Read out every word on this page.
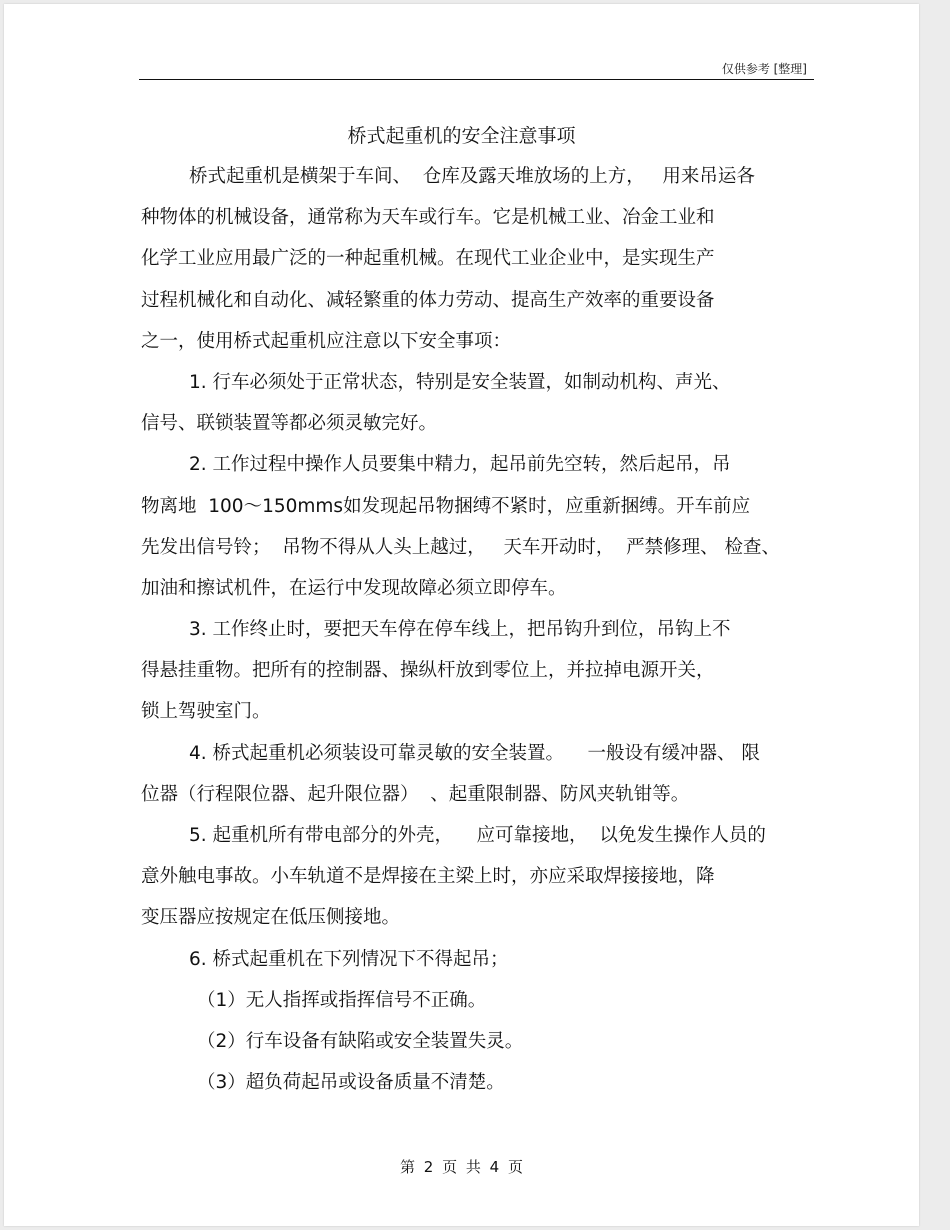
仅供参考 [整理]
桥式起重机的安全注意事项
桥式起重机是横架于车间、  仓库及露天堆放场的上方，   用来吊运各
种物体的机械设备，通常称为天车或行车。它是机械工业、冶金工业和
化学工业应用最广泛的一种起重机械。在现代工业企业中，是实现生产
过程机械化和自动化、减轻繁重的体力劳动、提高生产效率的重要设备
之一，使用桥式起重机应注意以下安全事项：
1. 行车必须处于正常状态，特别是安全装置，如制动机构、声光、
信号、联锁装置等都必须灵敏完好。
2. 工作过程中操作人员要集中精力，起吊前先空转，然后起吊，吊
物离地  100～150mms如发现起吊物捆缚不紧时，应重新捆缚。开车前应
先发出信号铃；  吊物不得从人头上越过，   天车开动时，  严禁修理、 检查、
加油和擦试机件，在运行中发现故障必须立即停车。
3. 工作终止时，要把天车停在停车线上，把吊钩升到位，吊钩上不
得悬挂重物。把所有的控制器、操纵杆放到零位上，并拉掉电源开关，
锁上驾驶室门。
4. 桥式起重机必须装设可靠灵敏的安全装置。    一般设有缓冲器、 限
位器（行程限位器、起升限位器）  、起重限制器、防风夹轨钳等。
5. 起重机所有带电部分的外壳，    应可靠接地，  以免发生操作人员的
意外触电事故。小车轨道不是焊接在主梁上时，亦应采取焊接接地，降
变压器应按规定在低压侧接地。
6. 桥式起重机在下列情况下不得起吊；
（1）无人指挥或指挥信号不正确。
（2）行车设备有缺陷或安全装置失灵。
（3）超负荷起吊或设备质量不清楚。
第 2 页 共 4 页
